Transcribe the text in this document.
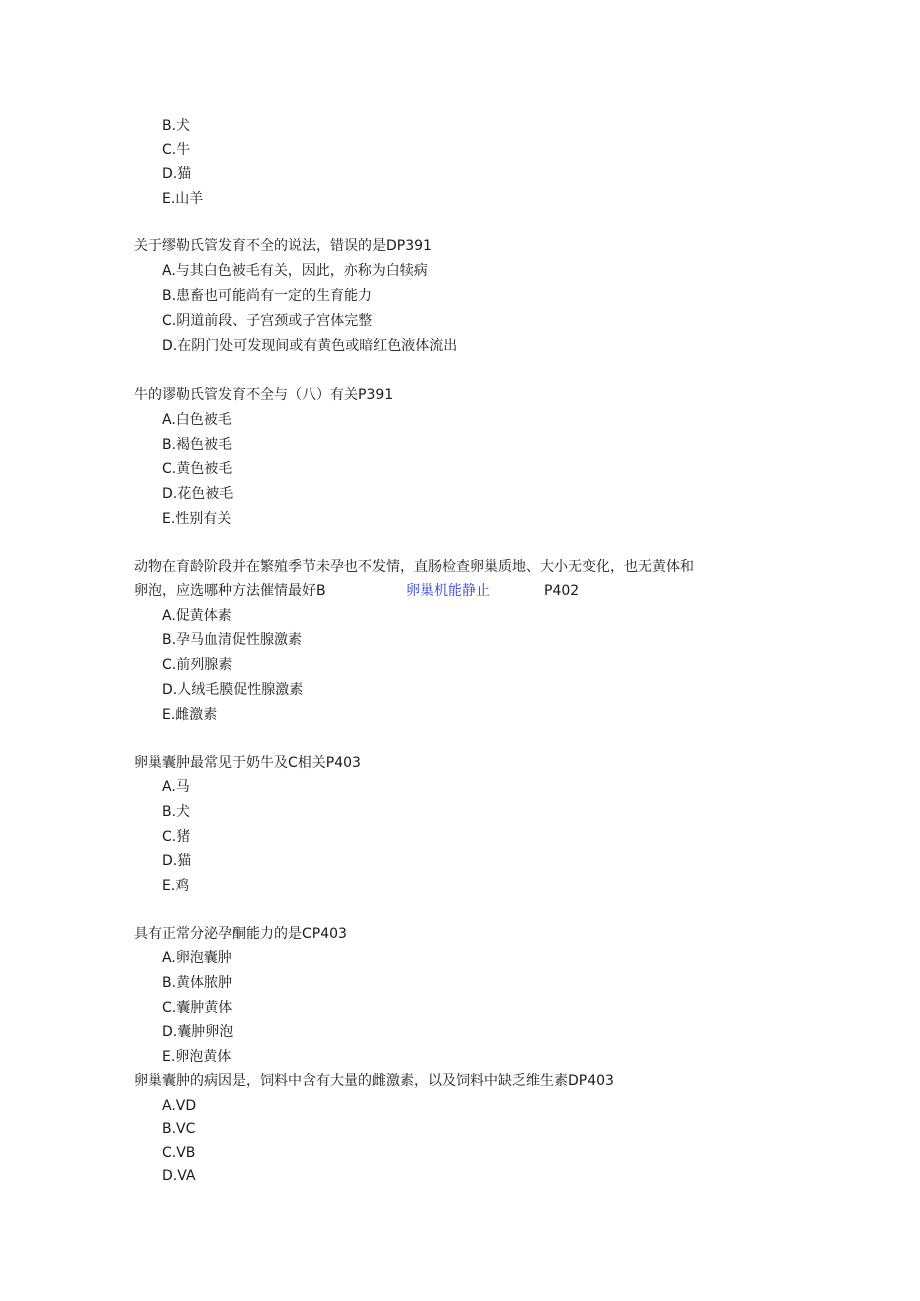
B.犬
C.牛
D.猫
E.山羊
关于缪勒氏管发育不全的说法，错误的是DP391
A.与其白色被毛有关，因此，亦称为白犊病
B.患畜也可能尚有一定的生育能力
C.阴道前段、子宫颈或子宫体完整
D.在阴门处可发现间或有黄色或暗红色液体流出
牛的谬勒氏管发育不全与（八）有关P391
A.白色被毛
B.褐色被毛
C.黄色被毛
D.花色被毛
E.性别有关
动物在育龄阶段并在繁殖季节未孕也不发情，直肠检查卵巢质地、大小无变化，也无黄体和
卵泡，应选哪种方法催情最好B	卵巢机能静止	P402
A.促黄体素
B.孕马血清促性腺激素
C.前列腺素
D.人绒毛膜促性腺激素
E.雌激素
卵巢囊肿最常见于奶牛及C相关P403
A.马
B.犬
C.猪
D.猫
E.鸡
具有正常分泌孕酮能力的是CP403
A.卵泡囊肿
B.黄体脓肿
C.囊肿黄体
D.囊肿卵泡
E.卵泡黄体
卵巢囊肿的病因是，饲料中含有大量的雌激素，以及饲料中缺乏维生素DP403
A.VD
B.VC
C.VB
D.VA
